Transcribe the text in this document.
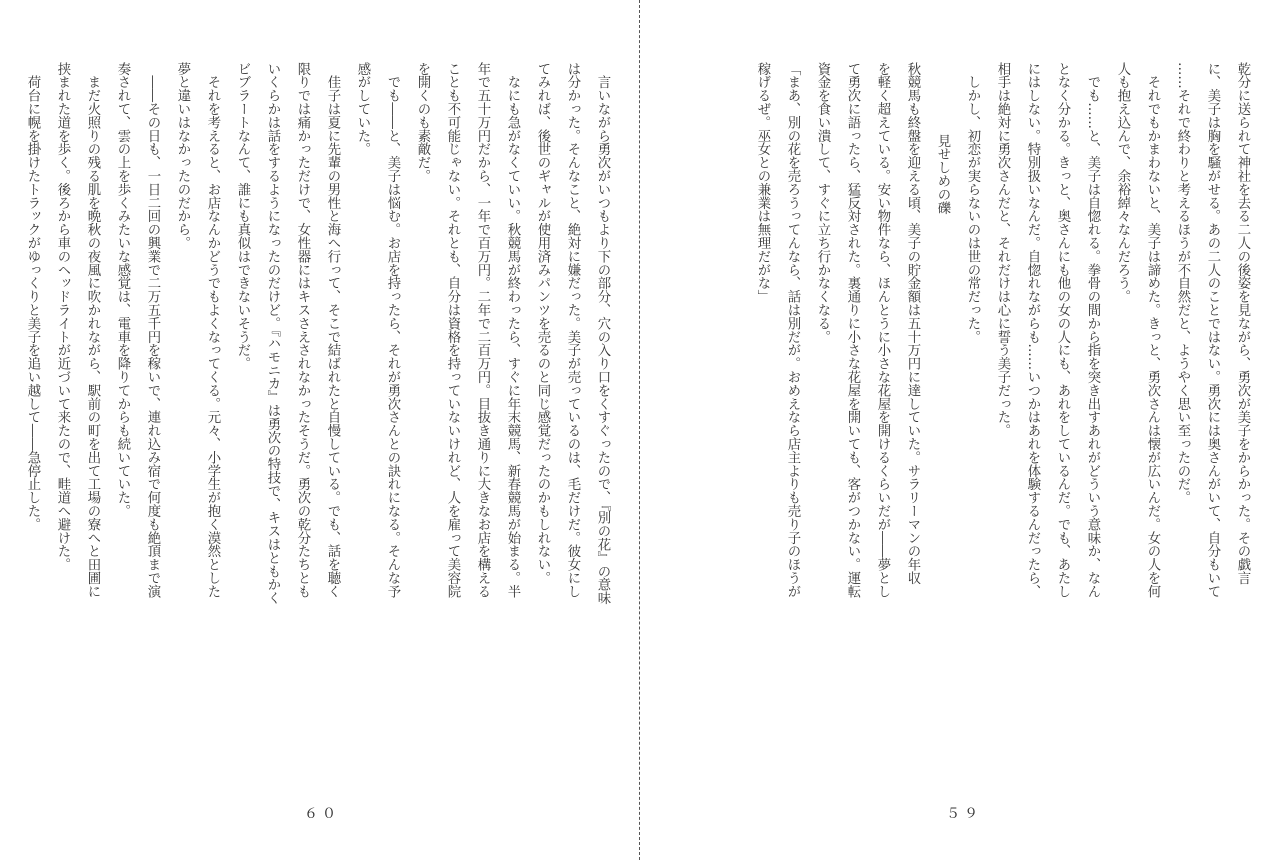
　言いながら勇次がいつもより下の部分、穴の入り口をくすぐったので、『別の花』の意味
は分かった。そんなこと、絶対に嫌だった。美子が売っているのは、毛だけだ。彼女にし
てみれば、後世のギャルが使用済みパンツを売るのと同じ感覚だったのかもしれない。
　なにも急がなくていい。秋競馬が終わったら、すぐに年末競馬、新春競馬が始まる。半
年で五十万円だから、一年で百万円。二年で二百万円。目抜き通りに大きなお店を構える
ことも不可能じゃない。それとも、自分は資格を持っていないけれど、人を雇って美容院
を開くのも素敵だ。
　でも――と、美子は悩む。お店を持ったら、それが勇次さんとの訣れになる。そんな予
感がしていた。
　佳子は夏に先輩の男性と海へ行って、そこで結ばれたと自慢している。でも、話を聴く
限りでは痛かっただけで、女性器にはキスさえされなかったそうだ。勇次の乾分たちとも
いくらかは話をするようになったのだけど。『ハモニカ』は勇次の特技で、キスはともかく
ビブラートなんて、誰にも真似はできないそうだ。
　それを考えると、お店なんかどうでもよくなってくる。元々、小学生が抱く漠然とした
夢と違いはなかったのだから。
　――その日も、一日二回の興業で二万五千円を稼いで、連れ込み宿で何度も絶頂まで演
奏されて、雲の上を歩くみたいな感覚は、電車を降りてからも続いていた。
　まだ火照りの残る肌を晩秋の夜風に吹かれながら、駅前の町を出て工場の寮へと田圃に
挟まれた道を歩く。後ろから車のヘッドライトが近づいて来たので、畦道へ避けた。
　荷台に幌を掛けたトラックがゆっくりと美子を追い越して――急停止した。	乾分に送られて神社を去る二人の後姿を見ながら、勇次が美子をからかった。その戯言
に、美子は胸を騒がせる。あの二人のことではない。勇次には奥さんがいて、自分もいて
……それで終わりと考えるほうが不自然だと、ようやく思い至ったのだ。
　それでもかまわないと、美子は諦めた。きっと、勇次さんは懐が広いんだ。女の人を何
人も抱え込んで、余裕綽々なんだろう。
　でも……と、美子は自惚れる。拳骨の間から指を突き出すあれがどういう意味か、なん
となく分かる。きっと、奥さんにも他の女の人にも、あれをしているんだ。でも、あたし
にはしない。特別扱いなんだ。自惚れながらも……いつかはあれを体験するんだったら、
相手は絶対に勇次さんだと、それだけは心に誓う美子だった。
　しかし、初恋が実らないのは世の常だった。
見せしめの礫
秋競馬も終盤を迎える頃、美子の貯金額は五十万円に達していた。サラリーマンの年収
を軽く超えている。安い物件なら、ほんとうに小さな花屋を開けるくらいだが――夢とし
て勇次に語ったら、猛反対された。裏通りに小さな花屋を開いても、客がつかない。運転
資金を食い潰して、すぐに立ち行かなくなる。
「まあ、別の花を売ろうってんなら、話は別だが。おめえなら店主よりも売り子のほうが
稼げるぜ。巫女との兼業は無理だがな」
６０	５９
